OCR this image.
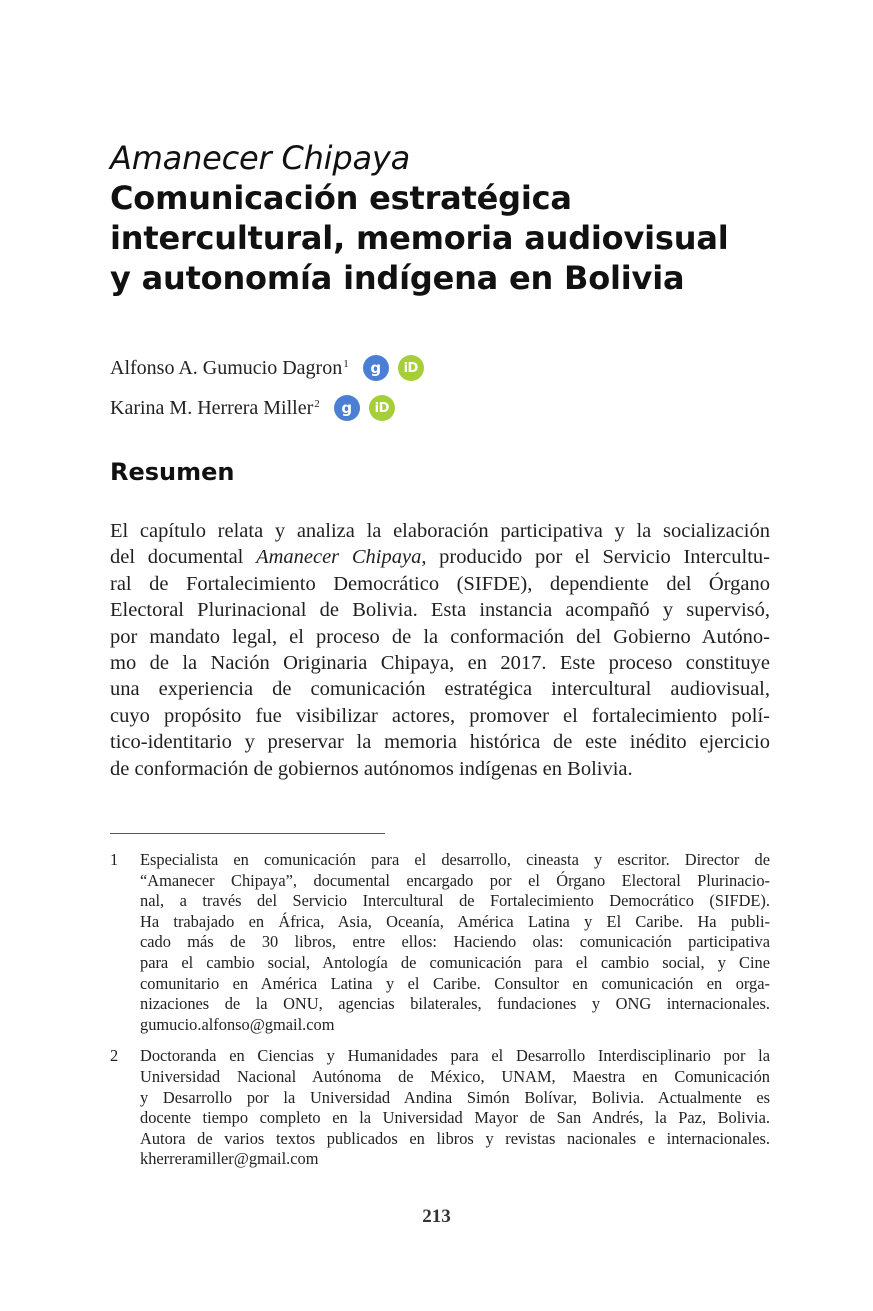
Amanecer Chipaya
Comunicación estratégica
intercultural, memoria audiovisual
y autonomía indígena en Bolivia
Alfonso A. Gumucio Dagron$^1$	g	iD
Karina M. Herrera Miller$^2$	g	iD
Resumen
El capítulo relata y analiza la elaboración participativa y la socialización
del documental Amanecer Chipaya, producido por el Servicio Intercultu-
ral de Fortalecimiento Democrático (SIFDE), dependiente del Órgano
Electoral Plurinacional de Bolivia. Esta instancia acompañó y supervisó,
por mandato legal, el proceso de la conformación del Gobierno Autóno-
mo de la Nación Originaria Chipaya, en 2017. Este proceso constituye
una experiencia de comunicación estratégica intercultural audiovisual,
cuyo propósito fue visibilizar actores, promover el fortalecimiento polí-
tico-identitario y preservar la memoria histórica de este inédito ejercicio
de conformación de gobiernos autónomos indígenas en Bolivia.
1	Especialista en comunicación para el desarrollo, cineasta y escritor. Director de
“Amanecer Chipaya”, documental encargado por el Órgano Electoral Plurinacio-
nal, a través del Servicio Intercultural de Fortalecimiento Democrático (SIFDE).
Ha trabajado en África, Asia, Oceanía, América Latina y El Caribe. Ha publi-
cado más de 30 libros, entre ellos: Haciendo olas: comunicación participativa
para el cambio social, Antología de comunicación para el cambio social, y Cine
comunitario en América Latina y el Caribe. Consultor en comunicación en orga-
nizaciones de la ONU, agencias bilaterales, fundaciones y ONG internacionales.
gumucio.alfonso@gmail.com
2	Doctoranda en Ciencias y Humanidades para el Desarrollo Interdisciplinario por la
Universidad Nacional Autónoma de México, UNAM, Maestra en Comunicación
y Desarrollo por la Universidad Andina Simón Bolívar, Bolivia. Actualmente es
docente tiempo completo en la Universidad Mayor de San Andrés, la Paz, Bolivia.
Autora de varios textos publicados en libros y revistas nacionales e internacionales.
kherreramiller@gmail.com
213
